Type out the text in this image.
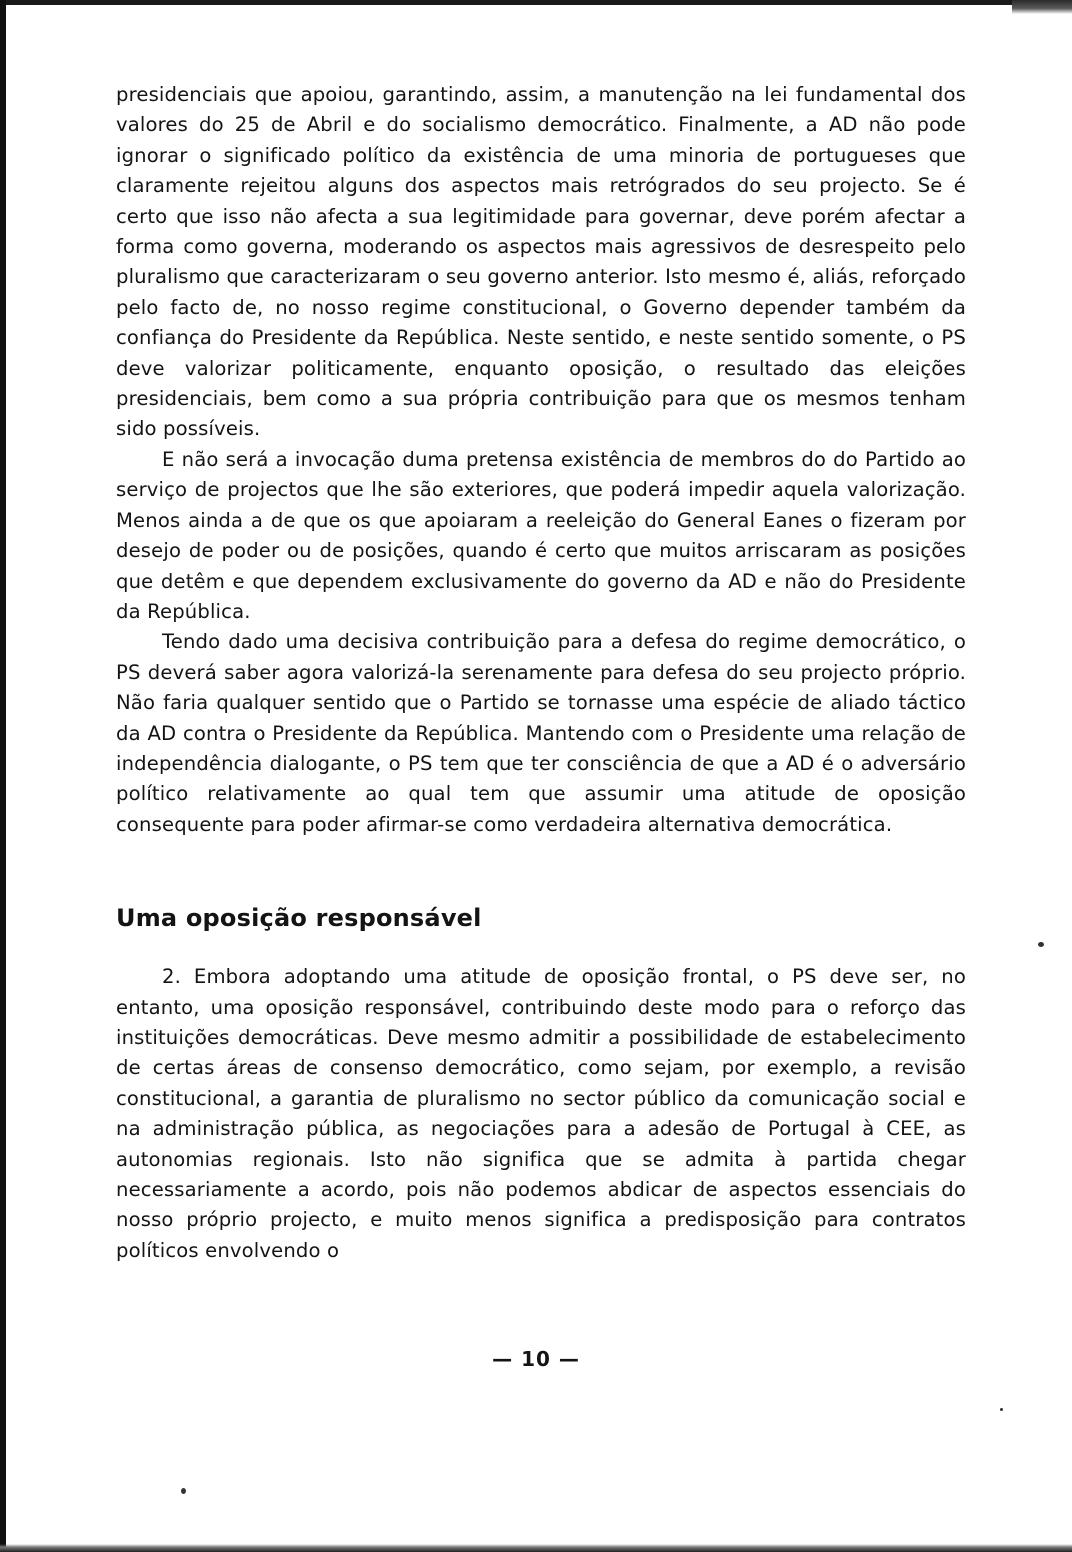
presidenciais que apoiou, garantindo, assim, a manutenção na lei fundamental dos valores do 25 de Abril e do socialismo democrático. Finalmente, a AD não pode ignorar o significado político da existência de uma minoria de portugueses que claramente rejeitou alguns dos aspectos mais retrógrados do seu projecto. Se é certo que isso não afecta a sua legitimidade para governar, deve porém afectar a forma como governa, moderando os aspectos mais agressivos de desrespeito pelo pluralismo que caracterizaram o seu governo anterior. Isto mesmo é, aliás, reforçado pelo facto de, no nosso regime constitucional, o Governo depender também da confiança do Presidente da República. Neste sentido, e neste sentido somente, o PS deve valorizar politicamente, enquanto oposição, o resultado das eleições presidenciais, bem como a sua própria contribuição para que os mesmos tenham sido possíveis.

E não será a invocação duma pretensa existência de membros do do Partido ao serviço de projectos que lhe são exteriores, que poderá impedir aquela valorização. Menos ainda a de que os que apoiaram a reeleição do General Eanes o fizeram por desejo de poder ou de posições, quando é certo que muitos arriscaram as posições que detêm e que dependem exclusivamente do governo da AD e não do Presidente da República.

Tendo dado uma decisiva contribuição para a defesa do regime democrático, o PS deverá saber agora valorizá-la serenamente para defesa do seu projecto próprio. Não faria qualquer sentido que o Partido se tornasse uma espécie de aliado táctico da AD contra o Presidente da República. Mantendo com o Presidente uma relação de independência dialogante, o PS tem que ter consciência de que a AD é o adversário político relativamente ao qual tem que assumir uma atitude de oposição consequente para poder afirmar-se como verdadeira alternativa democrática.

Uma oposição responsável

2. Embora adoptando uma atitude de oposição frontal, o PS deve ser, no entanto, uma oposição responsável, contribuindo deste modo para o reforço das instituições democráticas. Deve mesmo admitir a possibilidade de estabelecimento de certas áreas de consenso democrático, como sejam, por exemplo, a revisão constitucional, a garantia de pluralismo no sector público da comunicação social e na administração pública, as negociações para a adesão de Portugal à CEE, as autonomias regionais. Isto não significa que se admita à partida chegar necessariamente a acordo, pois não podemos abdicar de aspectos essenciais do nosso próprio projecto, e muito menos significa a predisposição para contratos políticos envolvendo o

— 10 —
